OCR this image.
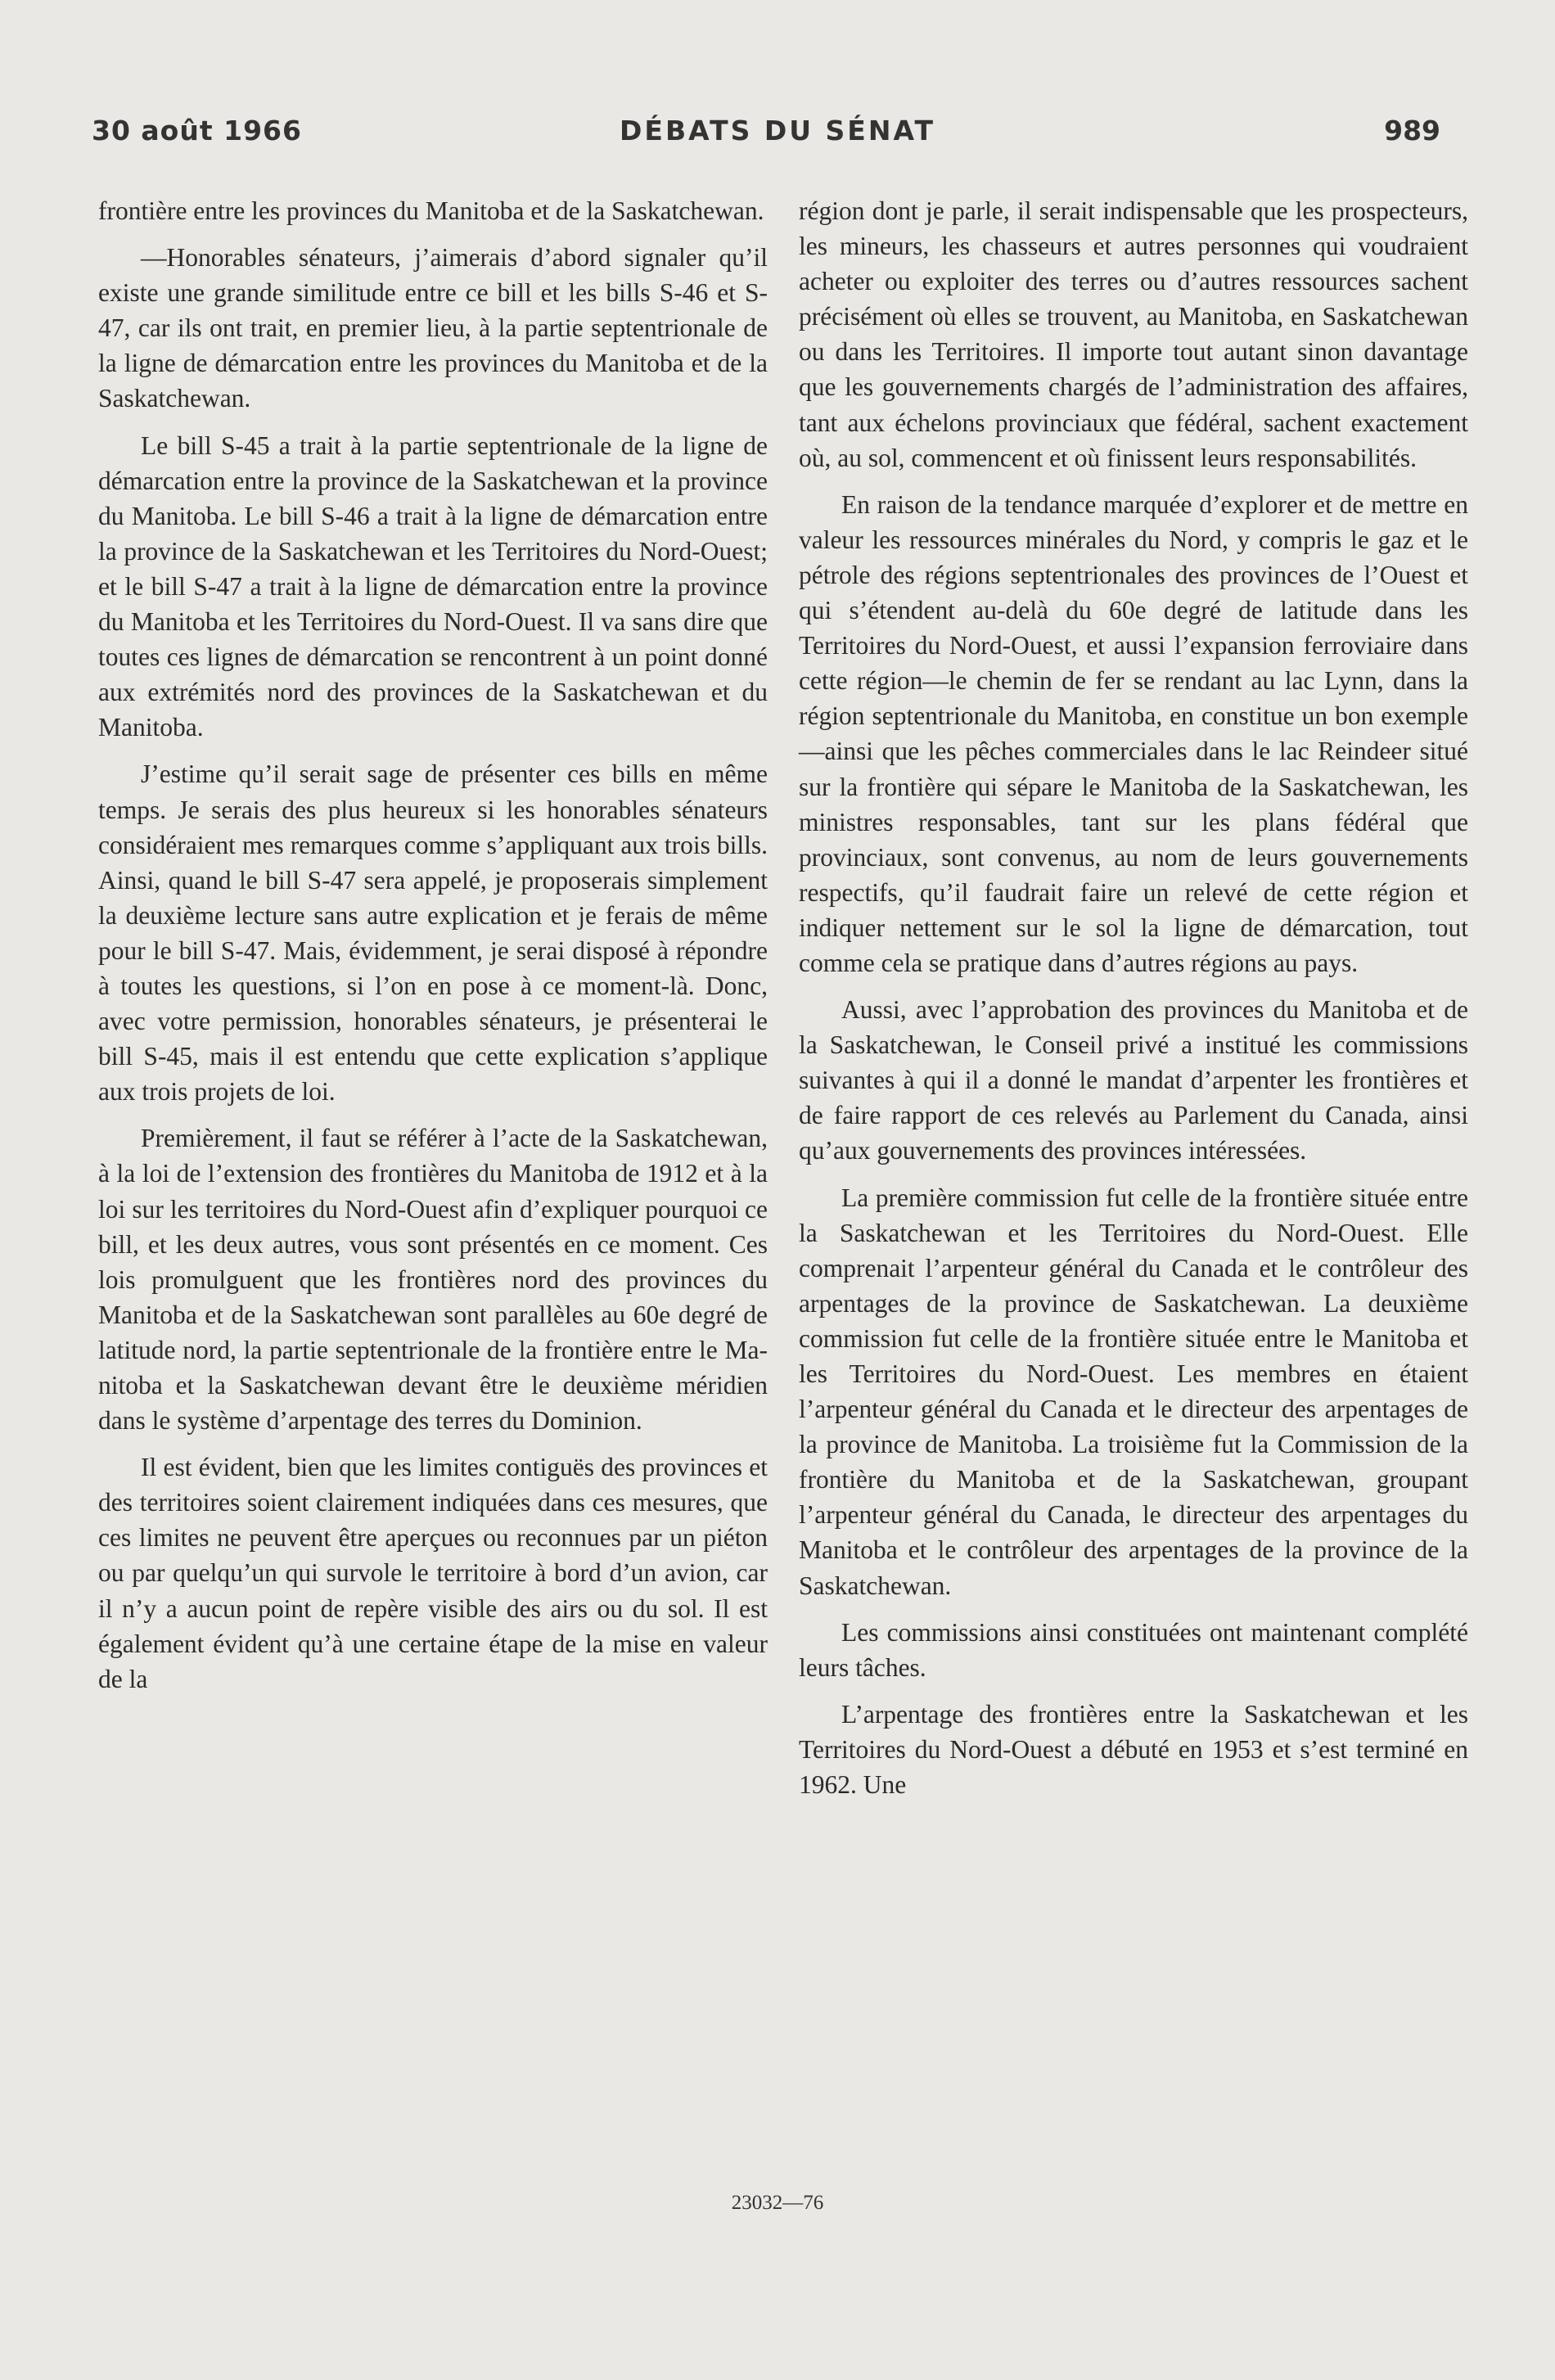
30 août 1966	DÉBATS DU SÉNAT	989

frontière entre les provinces du Manitoba et de la Saskatchewan.

—Honorables sénateurs, j’aimerais d’abord signaler qu’il existe une grande similitude entre ce bill et les bills S-46 et S-47, car ils ont trait, en premier lieu, à la partie septentrionale de la ligne de démarcation entre les provinces du Manitoba et de la Saskatchewan.

Le bill S-45 a trait à la partie septentrionale de la ligne de démarcation entre la province de la Saskatchewan et la province du Manitoba. Le bill S-46 a trait à la ligne de démarcation entre la province de la Saskatchewan et les Territoires du Nord-Ouest; et le bill S-47 a trait à la ligne de démarcation entre la province du Manitoba et les Territoires du Nord-Ouest. Il va sans dire que toutes ces lignes de démarcation se rencontrent à un point donné aux extrémités nord des provinces de la Saskatchewan et du Manitoba.

J’estime qu’il serait sage de présenter ces bills en même temps. Je serais des plus heureux si les honorables sénateurs considéraient mes remarques comme s’appliquant aux trois bills. Ainsi, quand le bill S-47 sera appelé, je proposerais simplement la deuxième lecture sans autre explication et je ferais de même pour le bill S-47. Mais, évidemment, je serai disposé à répondre à toutes les questions, si l’on en pose à ce moment-là. Donc, avec votre permission, honorables sénateurs, je présenterai le bill S-45, mais il est entendu que cette explication s’applique aux trois projets de loi.

Premièrement, il faut se référer à l’acte de la Saskatchewan, à la loi de l’extension des frontières du Manitoba de 1912 et à la loi sur les territoires du Nord-Ouest afin d’expliquer pourquoi ce bill, et les deux autres, vous sont présentés en ce moment. Ces lois promulguent que les frontières nord des provinces du Manitoba et de la Saskatchewan sont parallèles au 60e degré de latitude nord, la partie septentrionale de la frontière entre le Manitoba et la Saskatchewan devant être le deuxième méridien dans le système d’arpentage des terres du Dominion.

Il est évident, bien que les limites contiguës des provinces et des territoires soient clairement indiquées dans ces mesures, que ces limites ne peuvent être aperçues ou reconnues par un piéton ou par quelqu’un qui survole le territoire à bord d’un avion, car il n’y a aucun point de repère visible des airs ou du sol. Il est également évident qu’à une certaine étape de la mise en valeur de la

région dont je parle, il serait indispensable que les prospecteurs, les mineurs, les chasseurs et autres personnes qui voudraient acheter ou exploiter des terres ou d’autres ressources sachent précisément où elles se trouvent, au Manitoba, en Saskatchewan ou dans les Territoires. Il importe tout autant sinon davantage que les gouvernements chargés de l’administration des affaires, tant aux échelons provinciaux que fédéral, sachent exactement où, au sol, commencent et où finissent leurs responsabilités.

En raison de la tendance marquée d’explorer et de mettre en valeur les ressources minérales du Nord, y compris le gaz et le pétrole des régions septentrionales des provinces de l’Ouest et qui s’étendent au-delà du 60e degré de latitude dans les Territoires du Nord-Ouest, et aussi l’expansion ferroviaire dans cette région—le chemin de fer se rendant au lac Lynn, dans la région septentrionale du Manitoba, en constitue un bon exemple—ainsi que les pêches commerciales dans le lac Reindeer situé sur la frontière qui sépare le Manitoba de la Saskatchewan, les ministres responsables, tant sur les plans fédéral que provinciaux, sont convenus, au nom de leurs gouvernements respectifs, qu’il faudrait faire un relevé de cette région et indiquer nettement sur le sol la ligne de démarcation, tout comme cela se pratique dans d’autres régions au pays.

Aussi, avec l’approbation des provinces du Manitoba et de la Saskatchewan, le Conseil privé a institué les commissions suivantes à qui il a donné le mandat d’arpenter les frontières et de faire rapport de ces relevés au Parlement du Canada, ainsi qu’aux gouvernements des provinces intéressées.

La première commission fut celle de la frontière située entre la Saskatchewan et les Territoires du Nord-Ouest. Elle comprenait l’arpenteur général du Canada et le contrôleur des arpentages de la province de Saskatchewan. La deuxième commission fut celle de la frontière située entre le Manitoba et les Territoires du Nord-Ouest. Les membres en étaient l’arpenteur général du Canada et le directeur des arpentages de la province de Manitoba. La troisième fut la Commission de la frontière du Manitoba et de la Saskatchewan, groupant l’arpenteur général du Canada, le directeur des arpentages du Manitoba et le contrôleur des arpentages de la province de la Saskatchewan.

Les commissions ainsi constituées ont maintenant complété leurs tâches.

L’arpentage des frontières entre la Saskatchewan et les Territoires du Nord-Ouest a débuté en 1953 et s’est terminé en 1962. Une

23032—76
